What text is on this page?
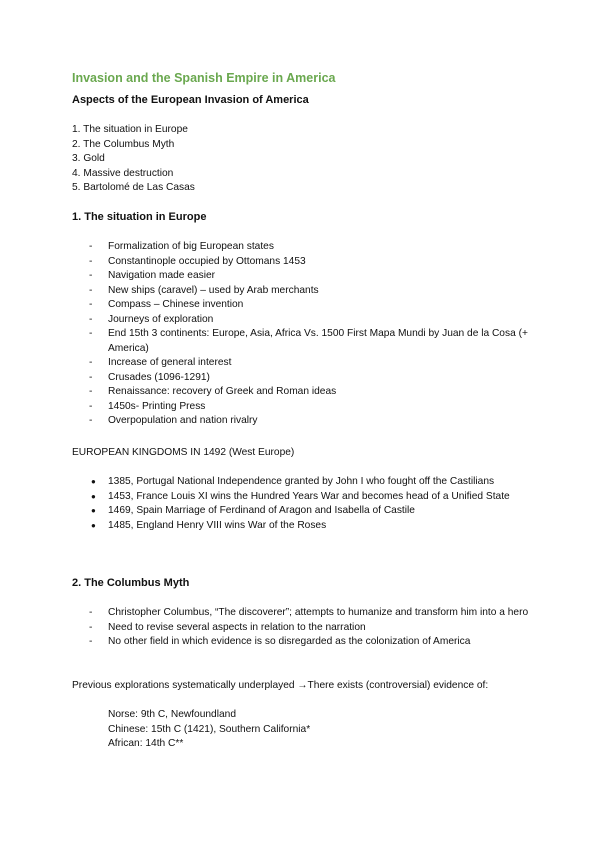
Invasion and the Spanish Empire in America
Aspects of the European Invasion of America
1. The situation in Europe
2. The Columbus Myth
3. Gold
4. Massive destruction
5. Bartolomé de Las Casas
1. The situation in Europe
- Formalization of big European states
- Constantinople occupied by Ottomans 1453
- Navigation made easier
- New ships (caravel) – used by Arab merchants
- Compass – Chinese invention
- Journeys of exploration
- End 15th 3 continents: Europe, Asia, Africa Vs. 1500 First Mapa Mundi by Juan de la Cosa (+ America)
- Increase of general interest
- Crusades (1096-1291)
- Renaissance: recovery of Greek and Roman ideas
- 1450s- Printing Press
- Overpopulation and nation rivalry
EUROPEAN KINGDOMS IN 1492 (West Europe)
● 1385, Portugal National Independence granted by John I who fought off the Castilians
● 1453, France Louis XI wins the Hundred Years War and becomes head of a Unified State
● 1469, Spain Marriage of Ferdinand of Aragon and Isabella of Castile
● 1485, England Henry VIII wins War of the Roses
2. The Columbus Myth
- Christopher Columbus, “The discoverer”; attempts to humanize and transform him into a hero
- Need to revise several aspects in relation to the narration
- No other field in which evidence is so disregarded as the colonization of America
Previous explorations systematically underplayed →There exists (controversial) evidence of:
Norse: 9th C, Newfoundland
Chinese: 15th C (1421), Southern California*
African: 14th C**
